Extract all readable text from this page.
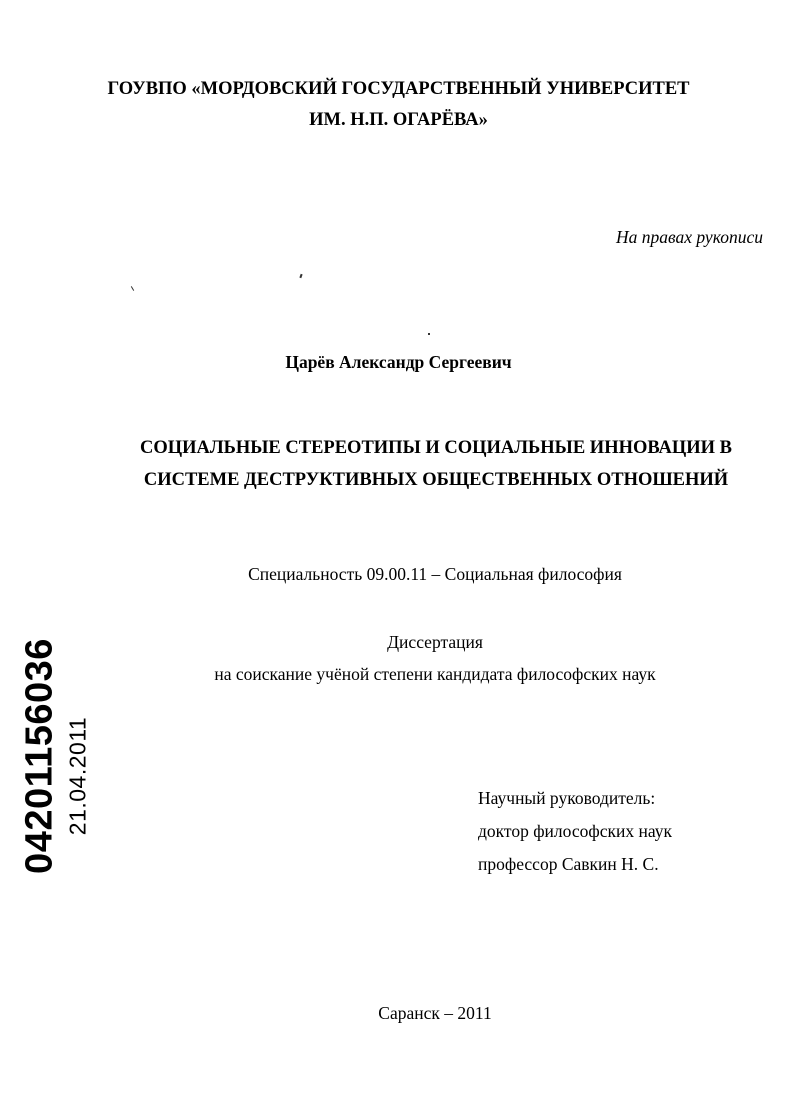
ГОУВПО «МОРДОВСКИЙ ГОСУДАРСТВЕННЫЙ УНИВЕРСИТЕТ
ИМ. Н.П. ОГАРЁВА»
На правах рукописи
Царёв Александр Сергеевич
СОЦИАЛЬНЫЕ СТЕРЕОТИПЫ И СОЦИАЛЬНЫЕ ИННОВАЦИИ В
СИСТЕМЕ ДЕСТРУКТИВНЫХ ОБЩЕСТВЕННЫХ ОТНОШЕНИЙ
Специальность 09.00.11 – Социальная философия
Диссертация
на соискание учёной степени кандидата философских наук
Научный руководитель:
доктор философских наук
профессор Савкин Н. С.
Саранск – 2011
04201156036 21.04.2011
